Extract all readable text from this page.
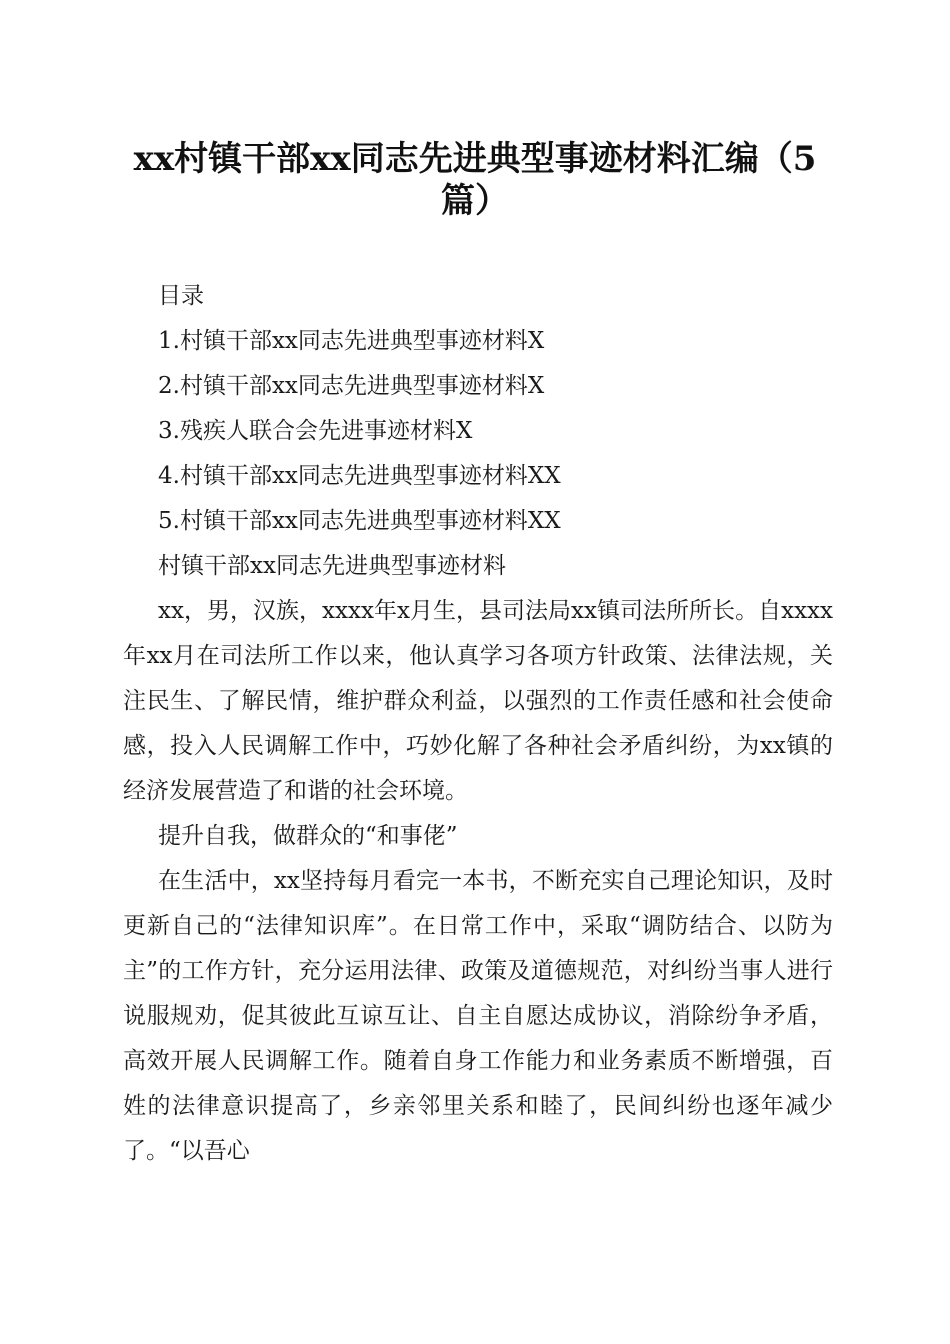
xx村镇干部xx同志先进典型事迹材料汇编（5篇）
目录
1.村镇干部xx同志先进典型事迹材料X
2.村镇干部xx同志先进典型事迹材料X
3.残疾人联合会先进事迹材料X
4.村镇干部xx同志先进典型事迹材料XX
5.村镇干部xx同志先进典型事迹材料XX
村镇干部xx同志先进典型事迹材料

xx，男，汉族，xxxx年x月生，县司法局xx镇司法所所长。自xxxx年xx月在司法所工作以来，他认真学习各项方针政策、法律法规，关注民生、了解民情，维护群众利益，以强烈的工作责任感和社会使命感，投入人民调解工作中，巧妙化解了各种社会矛盾纠纷，为xx镇的经济发展营造了和谐的社会环境。

提升自我，做群众的“和事佬”

在生活中，xx坚持每月看完一本书，不断充实自己理论知识，及时更新自己的“法律知识库”。在日常工作中，采取“调防结合、以防为主”的工作方针，充分运用法律、政策及道德规范，对纠纷当事人进行说服规劝，促其彼此互谅互让、自主自愿达成协议，消除纷争矛盾，高效开展人民调解工作。随着自身工作能力和业务素质不断增强，百姓的法律意识提高了，乡亲邻里关系和睦了，民间纠纷也逐年减少了。“以吾心
